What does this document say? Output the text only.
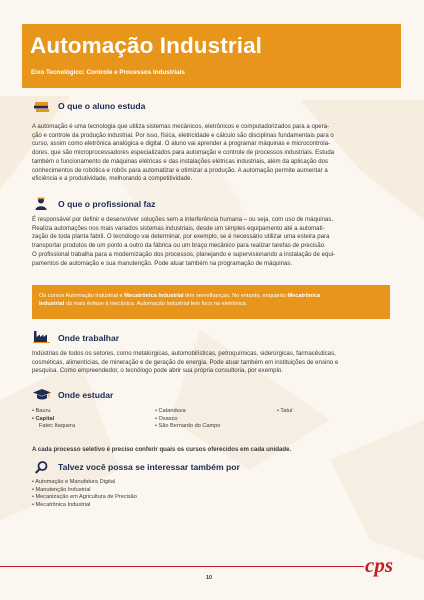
Automação Industrial
Eixo Tecnológico: Controle e Processos Industriais
O que o aluno estuda
A automação é uma tecnologia que utiliza sistemas mecânicos, eletrônicos e computadorizados para a opera-
ção e controle da produção industrial. Por isso, física, eletricidade e cálculo são disciplinas fundamentais para o
curso, assim como eletrônica analógica e digital. O aluno vai aprender a programar máquinas e microcontrola-
dores, que são microprocessadores especializados para automação e controle de processos industriais. Estuda
também o funcionamento de máquinas elétricas e das instalações elétricas industriais, além da aplicação dos
conhecimentos de robótica e robôs para automatizar e otimizar a produção. A automação permite aumentar a
eficiência e a produtividade, melhorando a competitividade.
O que o profissional faz
É responsável por definir e desenvolver soluções sem a interferência humana – ou seja, com uso de máquinas.
Realiza automações nos mais variados sistemas industriais, desde um simples equipamento até a automati-
zação de toda planta fabril. O tecnólogo vai determinar, por exemplo, se é necessário utilizar uma esteira para
transportar produtos de um ponto a outro da fábrica ou um braço mecânico para realizar tarefas de precisão.
O profissional trabalha para a modernização dos processos, planejando e supervisionando a instalação de equi-
pamentos de automação e sua manutenção. Pode atuar também na programação de máquinas.
Os cursos Automação Industrial e Mecatrônica Industrial têm semelhanças. No entanto, enquanto Mecatrônica
Industrial dá mais ênfase à mecânica. Automação Industrial tem foco na eletrônica.
Onde trabalhar
Indústrias de todos os setores, como metalúrgicas, automobilísticas, petroquímicas, siderúrgicas, farmacêuticas,
cosméticas, alimentícias, de mineração e de geração de energia. Pode atuar também em instituições de ensino e
pesquisa. Como empreendedor, o tecnólogo pode abrir sua própria consultoria, por exemplo.
Onde estudar
• Bauru
• Capital
Fatec Itaquera
• Catanduva
• Osasco
• São Bernardo do Campo
• Tatuí
A cada processo seletivo é preciso conferir quais os cursos oferecidos em cada unidade.
Talvez você possa se interessar também por
• Automação e Manufatura Digital
• Manutenção Industrial
• Mecanização em Agricultura de Precisão
• Mecatrônica Industrial
cps
10
